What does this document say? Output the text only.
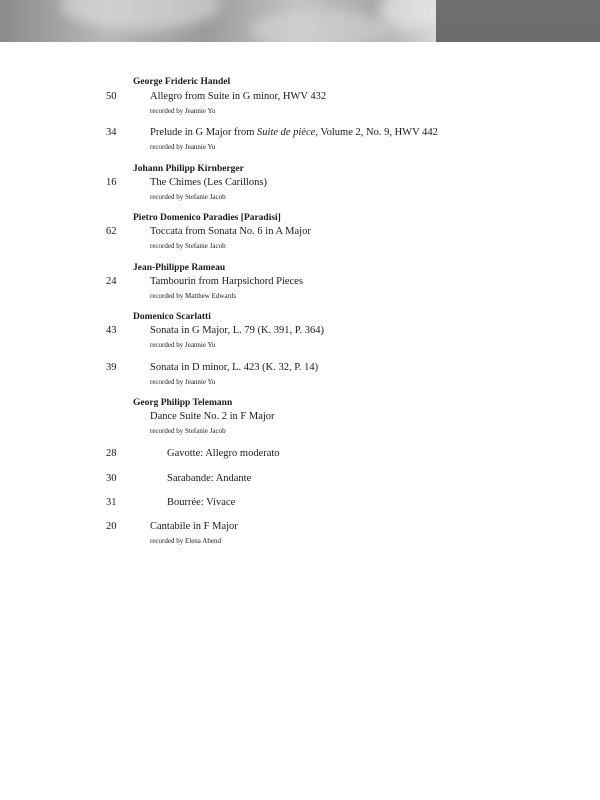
George Frideric Handel
50	Allegro from Suite in G minor, HWV 432
recorded by Jeannie Yu
34	Prelude in G Major from Suite de pièce, Volume 2, No. 9, HWV 442
recorded by Jeannie Yu
Johann Philipp Kirnberger
16	The Chimes (Les Carillons)
recorded by Stefanie Jacob
Pietro Domenico Paradies [Paradisi]
62	Toccata from Sonata No. 6 in A Major
recorded by Stefanie Jacob
Jean-Philippe Rameau
24	Tambourin from Harpsichord Pieces
recorded by Matthew Edwards
Domenico Scarlatti
43	Sonata in G Major, L. 79 (K. 391, P. 364)
recorded by Jeannie Yu
39	Sonata in D minor, L. 423 (K. 32, P. 14)
recorded by Jeannie Yu
Georg Philipp Telemann
Dance Suite No. 2 in F Major
recorded by Stefanie Jacob
28	Gavotte: Allegro moderato
30	Sarabande: Andante
31	Bourrée: Vivace
20	Cantabile in F Major
recorded by Elena Abend
